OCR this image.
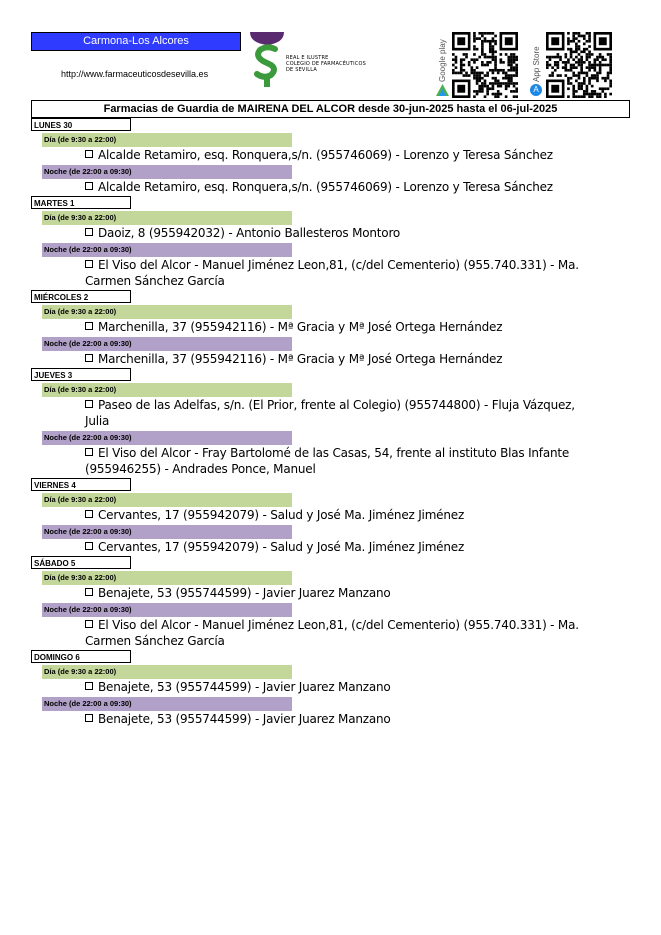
Carmona-Los Alcores
http://www.farmaceuticosdesevilla.es
REAL E ILUSTRE
COLEGIO DE FARMACÉUTICOS
DE SEVILLA	Google play	App Store
A
Farmacias de Guardia de MAIRENA DEL ALCOR desde 30-jun-2025 hasta el 06-jul-2025
LUNES 30
Día (de 9:30 a 22:00)
Alcalde Retamiro, esq. Ronquera,s/n. (955746069) - Lorenzo y Teresa Sánchez
Noche (de 22:00 a 09:30)
Alcalde Retamiro, esq. Ronquera,s/n. (955746069) - Lorenzo y Teresa Sánchez
MARTES 1
Día (de 9:30 a 22:00)
Daoiz, 8 (955942032) - Antonio Ballesteros Montoro
Noche (de 22:00 a 09:30)
El Viso del Alcor - Manuel Jiménez Leon,81, (c/del Cementerio) (955.740.331) - Ma. Carmen Sánchez García
MIÉRCOLES 2
Día (de 9:30 a 22:00)
Marchenilla, 37 (955942116) - Mª Gracia y Mª José Ortega Hernández
Noche (de 22:00 a 09:30)
Marchenilla, 37 (955942116) - Mª Gracia y Mª José Ortega Hernández
JUEVES 3
Día (de 9:30 a 22:00)
Paseo de las Adelfas, s/n. (El Prior, frente al Colegio) (955744800) - Fluja Vázquez, Julia
Noche (de 22:00 a 09:30)
El Viso del Alcor - Fray Bartolomé de las Casas, 54, frente al instituto Blas Infante (955946255) - Andrades Ponce, Manuel
VIERNES 4
Día (de 9:30 a 22:00)
Cervantes, 17 (955942079) - Salud y José Ma. Jiménez Jiménez
Noche (de 22:00 a 09:30)
Cervantes, 17 (955942079) - Salud y José Ma. Jiménez Jiménez
SÁBADO 5
Día (de 9:30 a 22:00)
Benajete, 53 (955744599) - Javier Juarez Manzano
Noche (de 22:00 a 09:30)
El Viso del Alcor - Manuel Jiménez Leon,81, (c/del Cementerio) (955.740.331) - Ma. Carmen Sánchez García
DOMINGO 6
Día (de 9:30 a 22:00)
Benajete, 53 (955744599) - Javier Juarez Manzano
Noche (de 22:00 a 09:30)
Benajete, 53 (955744599) - Javier Juarez Manzano
